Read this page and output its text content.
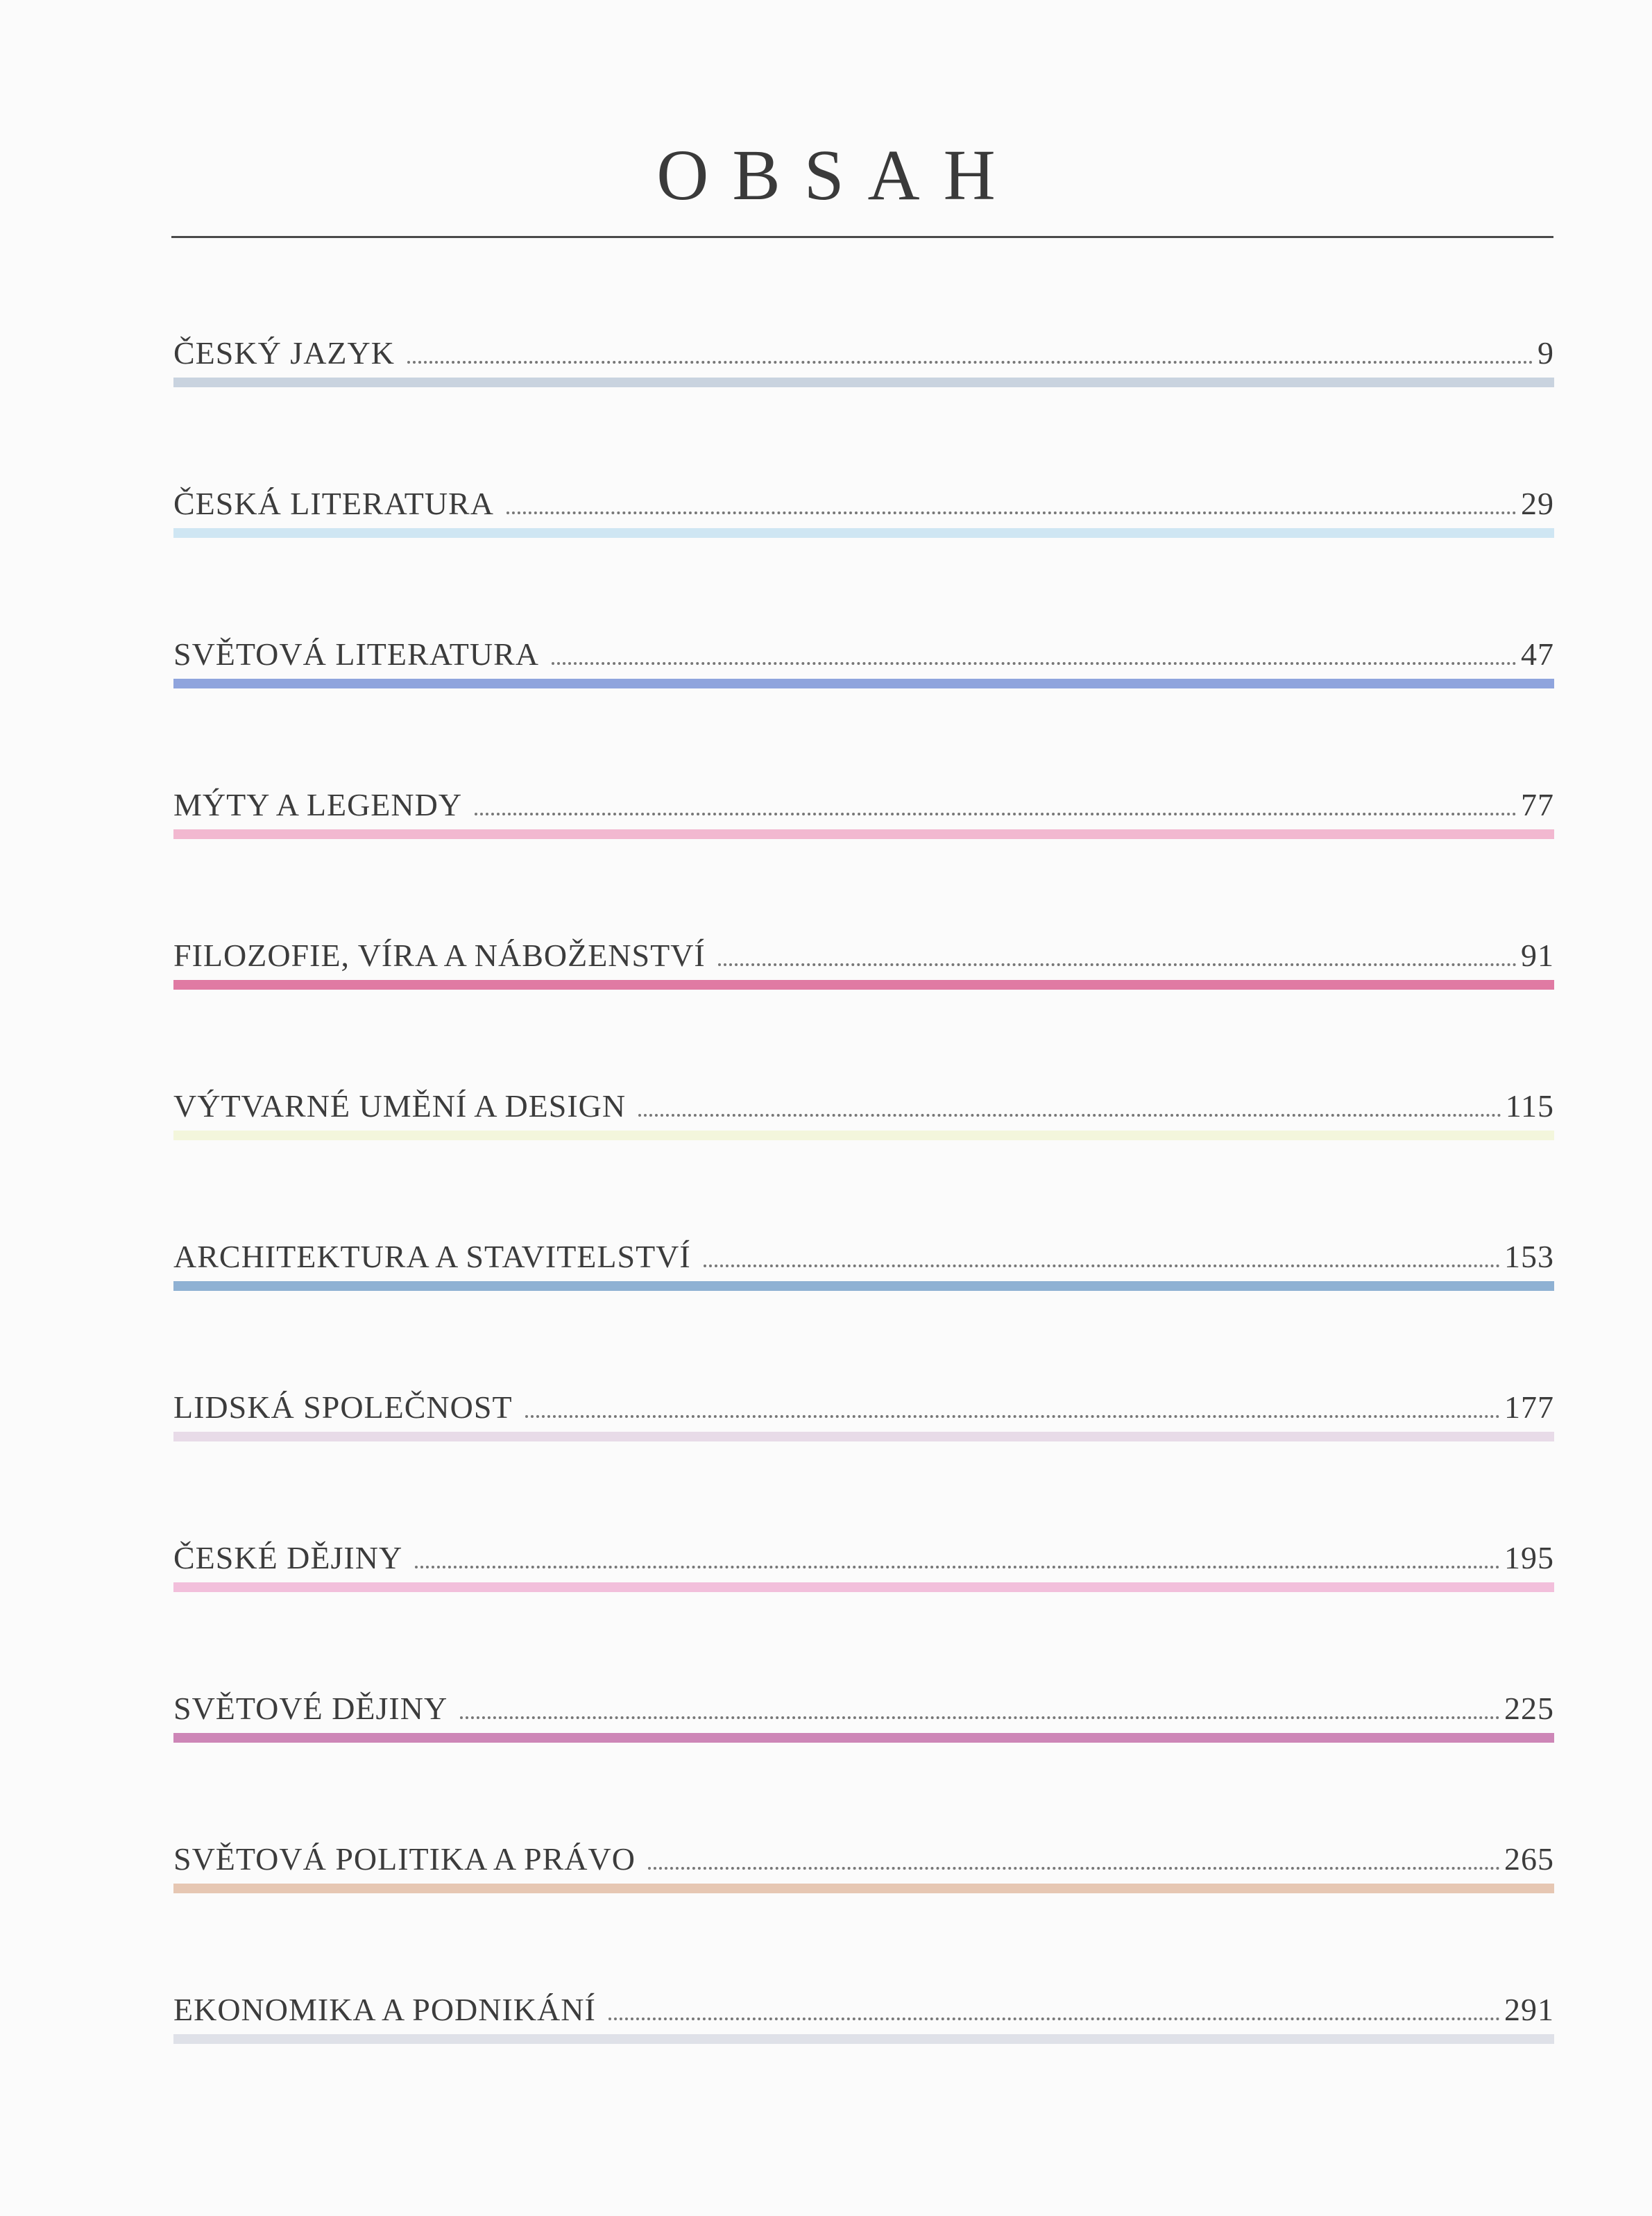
OBSAH
ČESKÝ JAZYK	9
ČESKÁ LITERATURA	29
SVĚTOVÁ LITERATURA	47
MÝTY A LEGENDY	77
FILOZOFIE, VÍRA A NÁBOŽENSTVÍ	91
VÝTVARNÉ UMĚNÍ A DESIGN	115
ARCHITEKTURA A STAVITELSTVÍ	153
LIDSKÁ SPOLEČNOST	177
ČESKÉ DĚJINY	195
SVĚTOVÉ DĚJINY	225
SVĚTOVÁ POLITIKA A PRÁVO	265
EKONOMIKA A PODNIKÁNÍ	291
